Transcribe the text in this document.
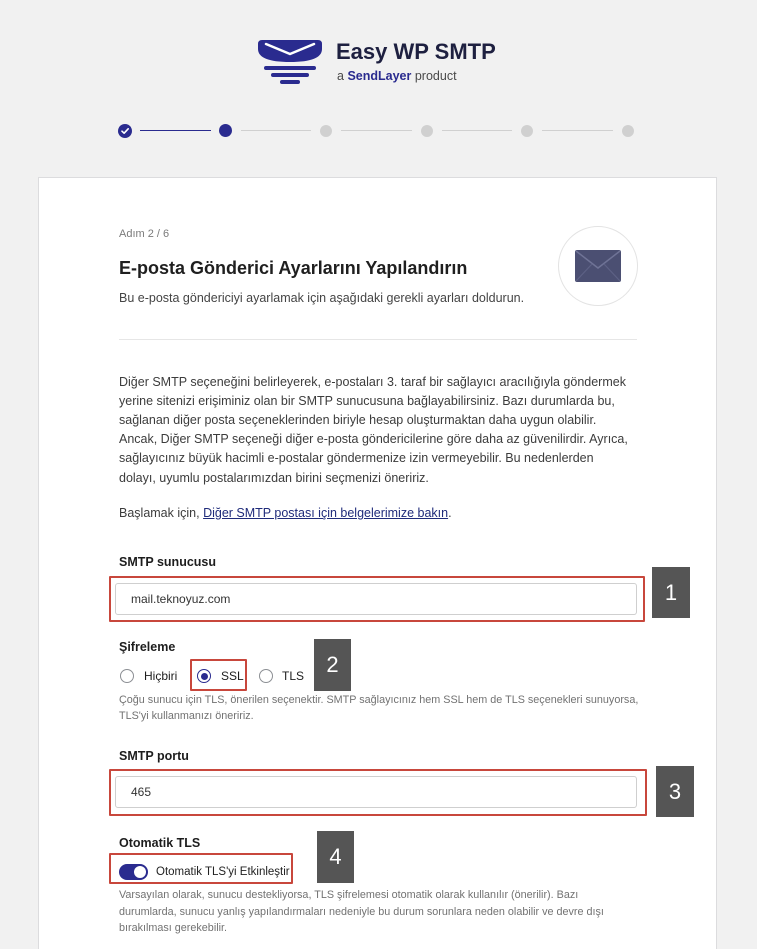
Easy WP SMTP
a SendLayer product
Adım 2 / 6
E-posta Gönderici Ayarlarını Yapılandırın
Bu e-posta göndericiyi ayarlamak için aşağıdaki gerekli ayarları doldurun.
Diğer SMTP seçeneğini belirleyerek, e-postaları 3. taraf bir sağlayıcı aracılığıyla göndermek
yerine sitenizi erişiminiz olan bir SMTP sunucusuna bağlayabilirsiniz. Bazı durumlarda bu,
sağlanan diğer posta seçeneklerinden biriyle hesap oluşturmaktan daha uygun olabilir.
Ancak, Diğer SMTP seçeneği diğer e-posta göndericilerine göre daha az güvenilirdir. Ayrıca,
sağlayıcınız büyük hacimli e-postalar göndermenize izin vermeyebilir. Bu nedenlerden
dolayı, uyumlu postalarımızdan birini seçmenizi öneririz.
Başlamak için, Diğer SMTP postası için belgelerimize bakın.
SMTP sunucusu
mail.teknoyuz.com
1
Şifreleme
Hiçbiri	SSL	TLS	2
Çoğu sunucu için TLS, önerilen seçenektir. SMTP sağlayıcınız hem SSL hem de TLS seçenekleri sunuyorsa,
TLS'yi kullanmanızı öneririz.
SMTP portu
465
3
Otomatik TLS
Otomatik TLS'yi Etkinleştir
4
Varsayılan olarak, sunucu destekliyorsa, TLS şifrelemesi otomatik olarak kullanılır (önerilir). Bazı
durumlarda, sunucu yanlış yapılandırmaları nedeniyle bu durum sorunlara neden olabilir ve devre dışı
bırakılması gerekebilir.
